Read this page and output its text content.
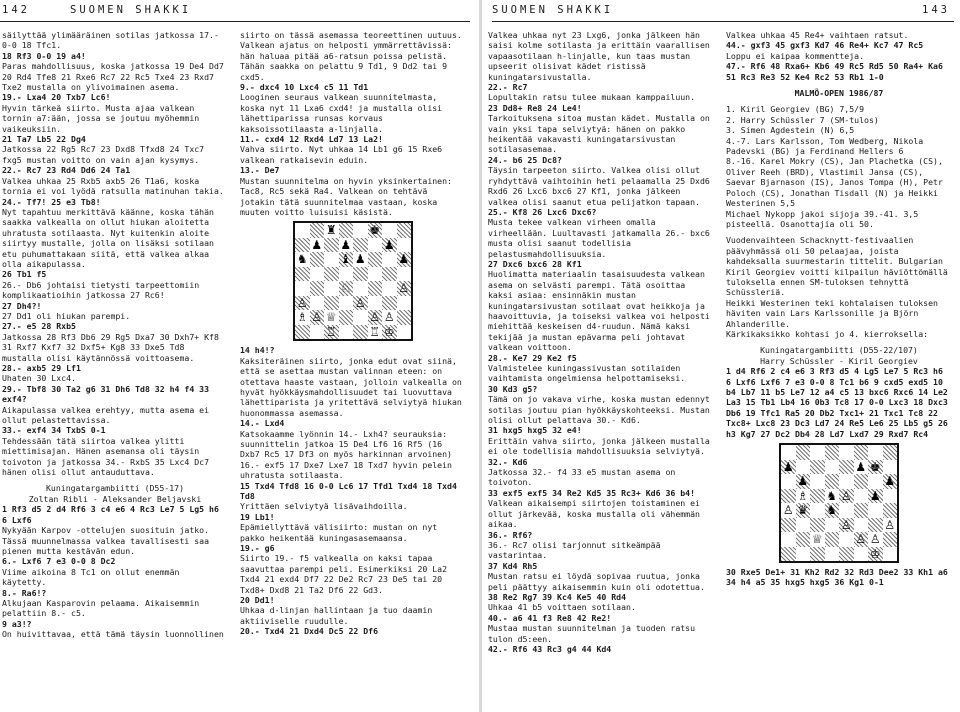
142	SUOMEN SHAKKI

säilyttää ylimääräinen sotilas jatkossa 17.- 0-0 18 Tfc1.

18 Rf3 0-0 19 a4!

Paras mahdollisuus, koska jatkossa 19 De4 Dd7 20 Rd4 Tfe8 21 Rxe6 Rc7 22 Rc5 Txe4 23 Rxd7 Txe2 mustalla on ylivoimainen asema.

19.- Lxa4 20 Txb7 Lc6!

Hyvin tärkeä siirto. Musta ajaa valkean tornin a7:ään, jossa se joutuu myöhemmin vaikeuksiin.

21 Ta7 Lb5 22 Dg4

Jatkossa 22 Rg5 Rc7 23 Dxd8 Tfxd8 24 Txc7 fxg5 mustan voitto on vain ajan kysymys.

22.- Rc7 23 Rd4 Dd6 24 Ta1

Valkea uhkaa 25 Rxb5 axb5 26 T1a6, koska tornia ei voi lyödä ratsulla matinuhan takia.

24.- Tf7! 25 e3 Tb8!

Nyt tapahtuu merkittävä käänne, koska tähän saakka valkealla on ollut hiukan aloitetta uhratusta sotilaasta. Nyt kuitenkin aloite siirtyy mustalle, jolla on lisäksi sotilaan etu puhumattakaan siitä, että valkea alkaa olla aikapulassa.

26 Tb1 f5

26.- Db6 johtaisi tietysti tarpeettomiin komplikaatioihin jatkossa 27 Rc6!

27 Dh4?!

27 Dd1 oli hiukan parempi.

27.- e5 28 Rxb5

Jatkossa 28 Rf3 Db6 29 Rg5 Dxa7 30 Dxh7+ Kf8 31 Rxf7 Kxf7 32 Dxf5+ Kg8 33 Dxe5 Td8 mustalla olisi käytännössä voittoasema.

28.- axb5 29 Lf1

Uhaten 30 Lxc4.

29.- Tbf8 30 Ta2 g6 31 Dh6 Td8 32 h4 f4 33 exf4?

Aikapulassa valkea erehtyy, mutta asema ei ollut pelastettavissa.

33.- exf4 34 TxbS 0-1

Tehdessään tätä siirtoa valkea ylitti miettimisajan. Hänen asemansa oli täysin toivoton ja jatkossa 34.- RxbS 35 Lxc4 Dc7 hänen olisi ollut antauduttava.

Kuningatargambiitti (D55-17)

Zoltan Ribli - Aleksander Beljavski

1 Rf3 d5 2 d4 Rf6 3 c4 e6 4 Rc3 Le7 5 Lg5 h6 6 Lxf6

Nykyään Karpov -ottelujen suosituin jatko. Tässä muunnelmassa valkea tavallisesti saa pienen mutta kestävän edun.

6.- Lxf6 7 e3 0-0 8 Dc2

Viime aikoina 8 Tc1 on ollut enemmän käytetty.

8.- Ra6!?

Alkujaan Kasparovin pelaama. Aikaisemmin pelattiin 8.- c5.

9 a3!?

On huivittavaa, että tämä täysin luonnollinen

siirto on tässä asemassa teoreettinen uutuus. Valkean ajatus on helposti ymmärrettävissä: hän haluaa pitää a6-ratsun poissa pelistä. Tähän saakka on pelattu 9 Td1, 9 Dd2 tai 9 cxd5.

9.- dxc4 10 Lxc4 c5 11 Td1

Looginen seuraus valkean suunnitelmasta, koska nyt 11 Lxa6 cxd4! ja mustalla olisi lähettiparissa runsas korvaus kaksoissotilaasta a-linjalla.

11.- cxd4 12 Rxd4 Ld7 13 La2!

Vahva siirto. Nyt uhkaa 14 Lb1 g6 15 Rxe6 valkean ratkaisevin eduin.

13.- De7

Mustan suunnitelma on hyvin yksinkertainen: Tac8, Rc5 sekä Ra4. Valkean on tehtävä jotakin tätä suunnitelmaa vastaan, koska muuten voitto luisuisi käsistä.

♜	♚
♟ ♟	♟
♞	♝ ♟	♟
♘	♙
♙	♙
♗ ♙ ♕	♙ ♙
♖	♖ ♔

14 h4!?

Kaksiteräinen siirto, jonka edut ovat siinä, että se asettaa mustan valinnan eteen: on otettava haaste vastaan, jolloin valkealla on hyvät hyökkäysmahdollisuudet tai luovuttava lähettiparista ja yritettävä selviytyä hiukan huonommassa asemassa.

14.- Lxd4

Katsokaamme lyönnin 14.- Lxh4? seurauksia: suunnittelin jatkoa 15 De4 Lf6 16 Rf5 (16 Dxb7 Rc5 17 Df3 on myös harkinnan arvoinen) 16.- exf5 17 Dxe7 Lxe7 18 Txd7 hyvin pelein uhratusta sotilaasta.

15 Txd4 Tfd8 16 0-0 Lc6 17 Tfd1 Txd4 18 Txd4 Td8

Yrittäen selviytyä lisävaihdoilla.

19 Lb1!

Epämiellyttävä välisiirto: mustan on nyt pakko heikentää kuningasasemaansa.

19.- g6

Siirto 19.- f5 valkealla on kaksi tapaa saavuttaa parempi peli. Esimerkiksi 20 La2 Txd4 21 exd4 Df7 22 De2 Rc7 23 De5 tai 20 Txd8+ Dxd8 21 Ta2 Df6 22 Gd3.

20 Dd1!

Uhkaa d-linjan hallintaan ja tuo daamin aktiiviselle ruudulle.

20.- Txd4 21 Dxd4 Dc5 22 Df6

SUOMEN SHAKKI	143

Valkea uhkaa nyt 23 Lxg6, jonka jälkeen hän saisi kolme sotilasta ja erittäin vaarallisen vapaasotilaan h-linjalle, kun taas mustan upseerit olisivat kädet ristissä kuningatarsivustalla.

22.- Rc7

Lopultakin ratsu tulee mukaan kamppailuun.

23 Dd8+ Re8 24 Le4!

Tarkoituksena sitoa mustan kädet. Mustalla on vain yksi tapa selviytyä: hänen on pakko heikentää vakavasti kuningatarsivustan sotilasasemaa.

24.- b6 25 Dc8?

Täysin tarpeeton siirto. Valkea olisi ollut ryhdyttävä vaihtoihin heti pelaamalla 25 Dxd6 Rxd6 26 Lxc6 bxc6 27 Kf1, jonka jälkeen valkea olisi saanut etua pelijatkon tapaan.

25.- Kf8 26 Lxc6 Dxc6?

Musta tekee valkean virheen omalla virheellään. Luultavasti jatkamalla 26.- bxc6 musta olisi saanut todellisia pelastusmahdollisuuksia.

27 Dxc6 bxc6 28 Kf1

Huolimatta materiaalin tasaisuudesta valkean asema on selvästi parempi. Tätä osoittaa kaksi asiaa: ensinnäkin mustan kuningatarsivustan sotilaat ovat heikkoja ja haavoittuvia, ja toiseksi valkea voi helposti miehittää keskeisen d4-ruudun. Nämä kaksi tekijää ja mustan epävarma peli johtavat valkean voittoon.

28.- Ke7 29 Ke2 f5

Valmistelee kuningassivustan sotilaiden vaihtamista ongelmiensa helpottamiseksi.

30 Kd3 g5?

Tämä on jo vakava virhe, koska mustan edennyt sotilas joutuu pian hyökkäyskohteeksi. Mustan olisi ollut pelattava 30.- Kd6.

31 hxg5 hxg5 32 e4!

Erittäin vahva siirto, jonka jälkeen mustalla ei ole todellisia mahdollisuuksia selviytyä.

32.- Kd6

Jatkossa 32.- f4 33 e5 mustan asema on toivoton.

33 exf5 exf5 34 Re2 Kd5 35 Rc3+ Kd6 36 b4!

Valkean aikaisempi siirtojen toistaminen ei ollut järkevää, koska mustalla oli vähemmän aikaa.

36.- Rf6?

36.- Rc7 olisi tarjonnut sitkeämpää vastarintaa.

37 Kd4 Rh5

Mustan ratsu ei löydä sopivaa ruutua, jonka peli päättyy aikaisemmin kuin oli odotettua.

38 Re2 Rg7 39 Kc4 Ke5 40 Rd4

Uhkaa 41 b5 voittaen sotilaan.

40.- a6 41 f3 Re8 42 Re2!

Mustaa mustan suunnitelman ja tuoden ratsu tulon d5:een.

42.- Rf6 43 Rc3 g4 44 Kd4

Valkea uhkaa 45 Re4+ vaihtaen ratsut.

44.- gxf3 45 gxf3 Kd7 46 Re4+ Kc7 47 Rc5

Loppu ei kaipaa kommentteja.

47.- Rf6 48 Rxa6+ Kb6 49 Rc5 Rd5 50 Ra4+ Ka6 51 Rc3 Re3 52 Ke4 Rc2 53 Rb1 1-0

MALMÖ-OPEN 1986/87

1. Kiril Georgiev (BG) 7,5/9

2. Harry Schüssler 7 (SM-tulos)

3. Simen Agdestein (N) 6,5

4.-7. Lars Karlsson, Tom Wedberg, Nikola Padevski (BG) ja Ferdinand Hellers 6

8.-16. Karel Mokry (CS), Jan Plachetka (CS), Oliver Reeh (BRD), Vlastimil Jansa (CS), Saevar Bjarnason (IS), Janos Tompa (H), Petr Poloch (CS), Jonathan Tisdall (N) ja Heikki Westerinen 5,5

Michael Nykopp jakoi sijoja 39.-41. 3,5 pisteellä. Osanottajia oli 50.

Vuodenvaihteen Schacknytt-festivaalien päävyhmässä oli 50 pelaajaa, joista kahdeksalla suurmestarin tittelit. Bulgarian Kiril Georgiev voitti kilpailun häviöttömällä tuloksella ennen SM-tuloksen tehnyttä Schüssleriä.

Heikki Westerinen teki kohtalaisen tuloksen häviten vain Lars Karlssonille ja Björn Ahlanderille.

Kärkikaksikko kohtasi jo 4. kierroksella:

Kuningatargambiitti (D55-22/107)

Harry Schüssler - Kiril Georgiev

1 d4 Rf6 2 c4 e6 3 Rf3 d5 4 Lg5 Le7 5 Rc3 h6 6 Lxf6 Lxf6 7 e3 0-0 8 Tc1 b6 9 cxd5 exd5 10 b4 Lb7 11 b5 Le7 12 a4 c5 13 bxc6 Rxc6 14 Le2 La3 15 Tb1 Lb4 16 0b3 Tc8 17 0-0 Lxc3 18 Dxc3 Db6 19 Tfc1 Ra5 20 Db2 Txc1+ 21 Txc1 Tc8 22 Txc8+ Lxc8 23 Dc3 Ld7 24 Re5 Le6 25 Lb5 g5 26 h3 Kg7 27 Dc2 Db4 28 Ld7 Lxd7 29 Rxd7 Rc4

♟	♟ ♚
♟	♟
♗ ♞ ♙ ♟
♙ ♛ ♞
♙	♙
♕	♙ ♙
♔

30 Rxe5 De1+ 31 Kh2 Rd2 32 Rd3 Dee2 33 Kh1 a6 34 h4 a5 35 hxg5 hxg5 36 Kg1 0-1
